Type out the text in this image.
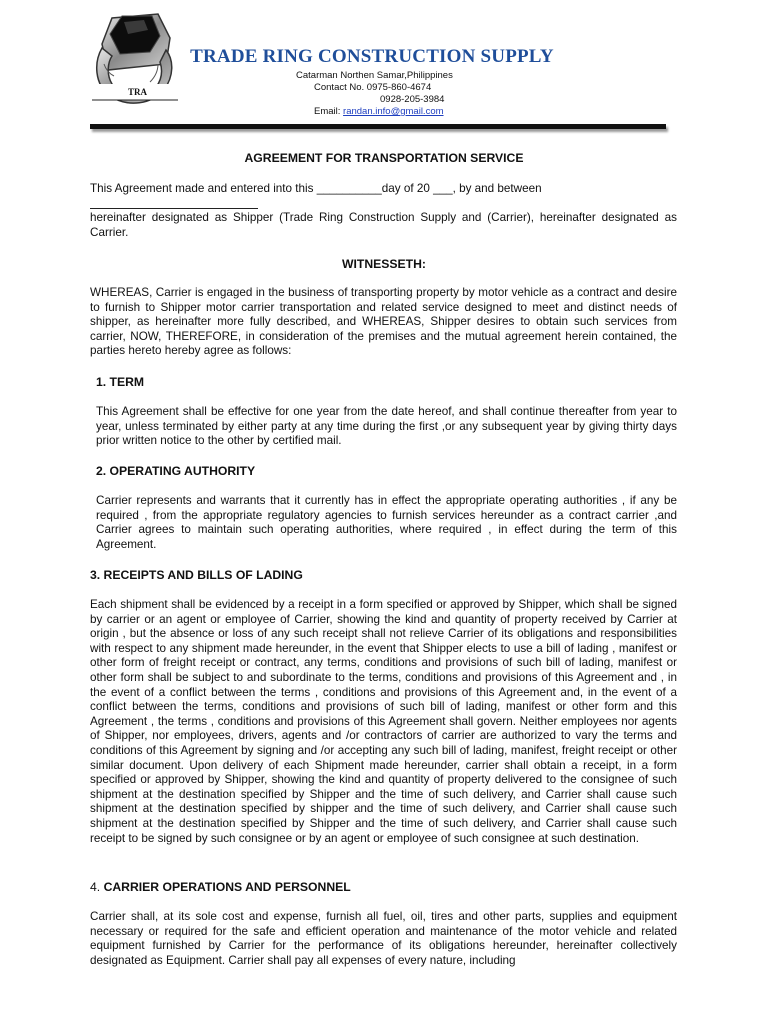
TRA
TRADE RING CONSTRUCTION SUPPLY
Catarman Northen Samar,Philippines
Contact No. 0975-860-4674
0928-205-3984
Email: randan.info@gmail.com
AGREEMENT FOR TRANSPORTATION SERVICE
This Agreement made and entered into this __________day of 20 ___, by and between
hereinafter designated as Shipper (Trade Ring Construction Supply and (Carrier), hereinafter designated as Carrier.
WITNESSETH:
WHEREAS, Carrier is engaged in the business of transporting property by motor vehicle as a contract and desire to furnish to Shipper motor carrier transportation and related service designed to meet and distinct needs of shipper, as hereinafter more fully described, and WHEREAS, Shipper desires to obtain such services from carrier, NOW, THEREFORE, in consideration of the premises and the mutual agreement herein contained, the parties hereto hereby agree as follows:
1. TERM
This Agreement shall be effective for one year from the date hereof, and shall continue thereafter from year to year, unless terminated by either party at any time during the first ,or any subsequent year by giving thirty days prior written notice to the other by certified mail.
2. OPERATING AUTHORITY
Carrier represents and warrants that it currently has in effect the appropriate operating authorities , if any be required , from the appropriate regulatory agencies to furnish services hereunder as a contract carrier ,and Carrier agrees to maintain such operating authorities, where required , in effect during the term of this Agreement.
3. RECEIPTS AND BILLS OF LADING
Each shipment shall be evidenced by a receipt in a form specified or approved by Shipper, which shall be signed by carrier or an agent or employee of Carrier, showing the kind and quantity of property received by Carrier at origin , but the absence or loss of any such receipt shall not relieve Carrier of its obligations and responsibilities with respect to any shipment made hereunder, in the event that Shipper elects to use a bill of lading , manifest or other form of freight receipt or contract, any terms, conditions and provisions of such bill of lading, manifest or other form shall be subject to and subordinate to the terms, conditions and provisions of this Agreement and , in the event of a conflict between the terms , conditions and provisions of this Agreement and, in the event of a conflict between the terms, conditions and provisions of such bill of lading, manifest or other form and this Agreement , the terms , conditions and provisions of this Agreement shall govern. Neither employees nor agents of Shipper, nor employees, drivers, agents and /or contractors of carrier are authorized to vary the terms and conditions of this Agreement by signing and /or accepting any such bill of lading, manifest, freight receipt or other similar document. Upon delivery of each Shipment made hereunder, carrier shall obtain a receipt, in a form specified or approved by Shipper, showing the kind and quantity of property delivered to the consignee of such shipment at the destination specified by Shipper and the time of such delivery, and Carrier shall cause such shipment at the destination specified by shipper and the time of such delivery, and Carrier shall cause such shipment at the destination specified by Shipper and the time of such delivery, and Carrier shall cause such receipt to be signed by such consignee or by an agent or employee of such consignee at such destination.
4. CARRIER OPERATIONS AND PERSONNEL
Carrier shall, at its sole cost and expense, furnish all fuel, oil, tires and other parts, supplies and equipment necessary or required for the safe and efficient operation and maintenance of the motor vehicle and related equipment furnished by Carrier for the performance of its obligations hereunder, hereinafter collectively designated as Equipment. Carrier shall pay all expenses of every nature, including
